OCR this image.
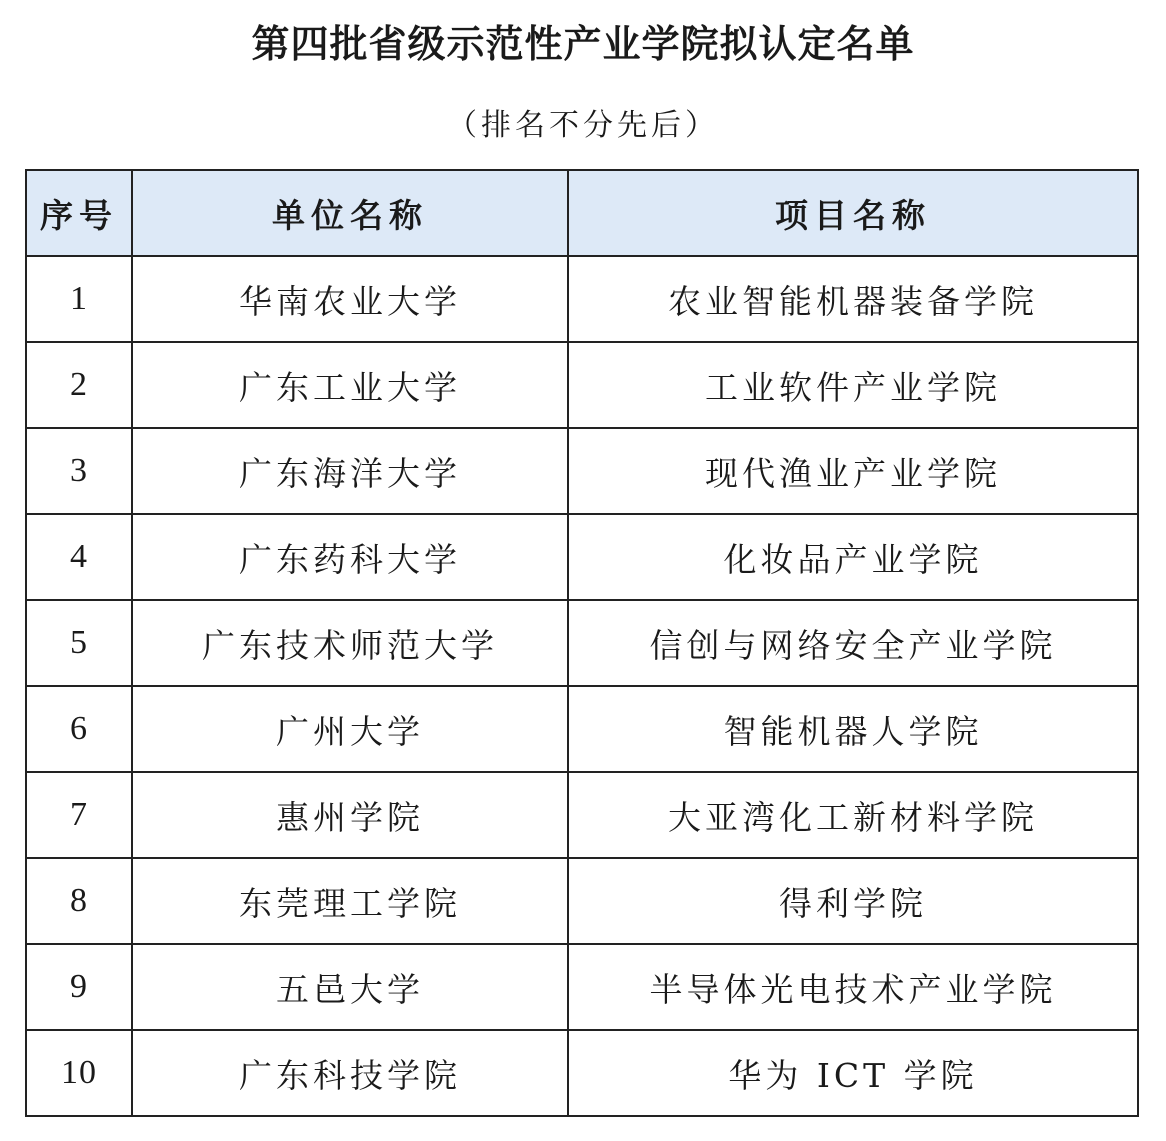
第四批省级示范性产业学院拟认定名单
（排名不分先后）
序号	单位名称	项目名称
1	华南农业大学	农业智能机器装备学院
2	广东工业大学	工业软件产业学院
3	广东海洋大学	现代渔业产业学院
4	广东药科大学	化妆品产业学院
5	广东技术师范大学	信创与网络安全产业学院
6	广州大学	智能机器人学院
7	惠州学院	大亚湾化工新材料学院
8	东莞理工学院	得利学院
9	五邑大学	半导体光电技术产业学院
10	广东科技学院	华为 ICT 学院
